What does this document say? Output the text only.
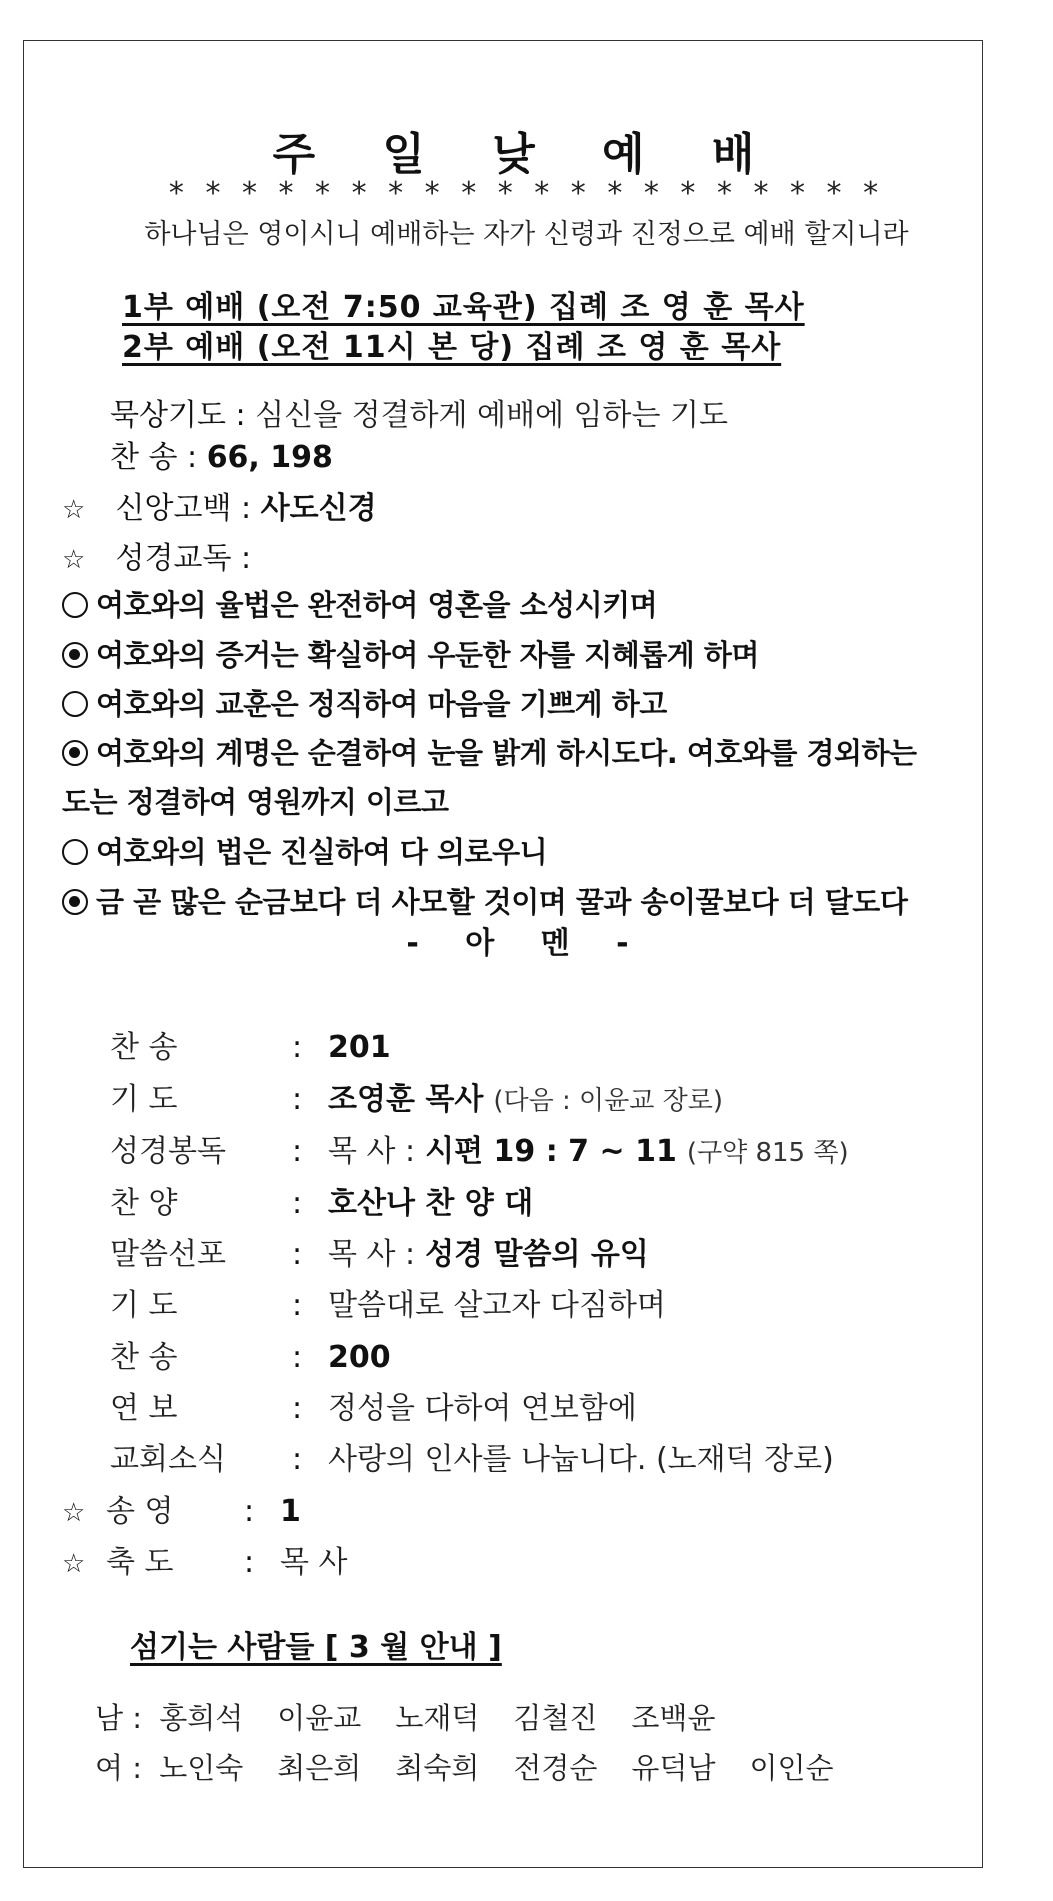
주 일 낮 예 배
* * * * * * * * * * * * * * * * * * * *
하나님은 영이시니 예배하는 자가 신령과 진정으로 예배 할지니라
1부 예배 (오전 7:50 교육관) 집례 조 영 훈 목사
2부 예배 (오전 11시 본 당) 집례 조 영 훈 목사
묵상기도 : 심신을 정결하게 예배에 임하는 기도
찬 송 : 66, 198
☆ 신앙고백 : 사도신경
☆ 성경교독 :
여호와의 율법은 완전하여 영혼을 소성시키며
여호와의 증거는 확실하여 우둔한 자를 지혜롭게 하며
여호와의 교훈은 정직하여 마음을 기쁘게 하고
여호와의 계명은 순결하여 눈을 밝게 하시도다. 여호와를 경외하는
도는 정결하여 영원까지 이르고
여호와의 법은 진실하여 다 의로우니
금 곧 많은 순금보다 더 사모할 것이며 꿀과 송이꿀보다 더 달도다
- 아 멘 -
찬 송	: 201
기 도	: 조영훈 목사 (다음 : 이윤교 장로)
성경봉독 : 목 사 : 시편 19 : 7 ~ 11 (구약 815 쪽)
찬 양	: 호산나 찬 양 대
말씀선포 : 목 사 : 성경 말씀의 유익
기 도	: 말씀대로 살고자 다짐하며
찬 송	: 200
연 보	: 정성을 다하여 연보함에
교회소식 : 사랑의 인사를 나눕니다. (노재덕 장로)
☆ 송 영 : 1
☆ 축 도 : 목 사
섬기는 사람들 [ 3 월 안내 ]
남 : 홍희석 이윤교 노재덕 김철진 조백윤
여 : 노인숙 최은희 최숙희 전경순 유덕남 이인순
